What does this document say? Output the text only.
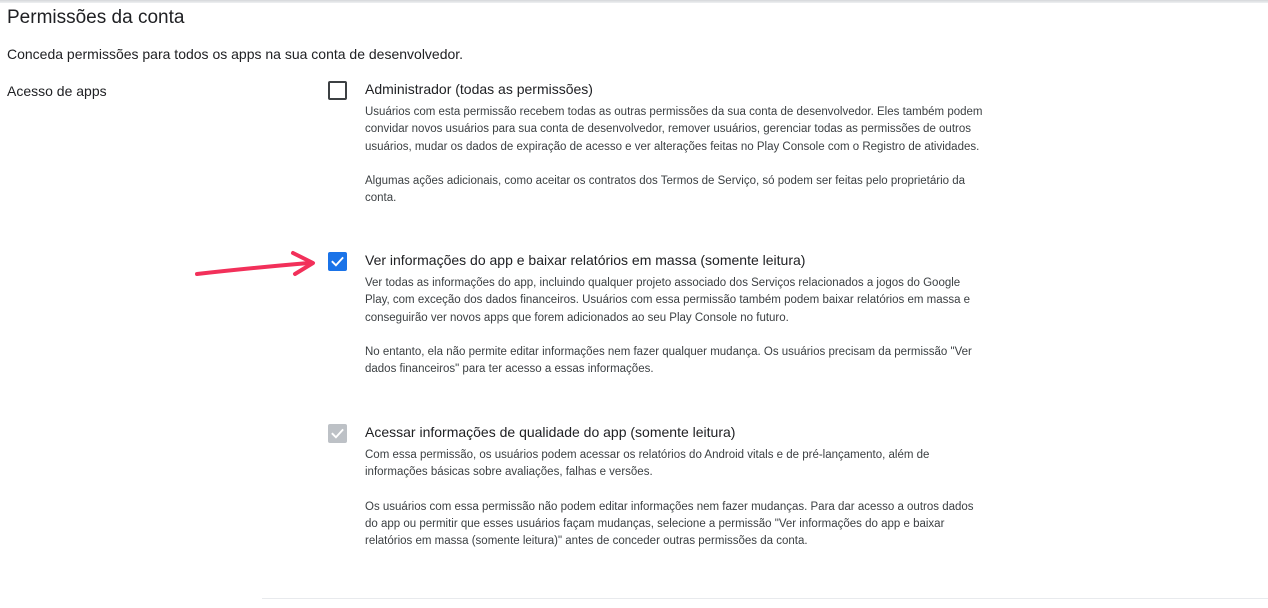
Permissões da conta
Conceda permissões para todos os apps na sua conta de desenvolvedor.
Acesso de apps	Administrador (todas as permissões)

Usuários com esta permissão recebem todas as outras permissões da sua conta de desenvolvedor. Eles também podem convidar novos usuários para sua conta de desenvolvedor, remover usuários, gerenciar todas as permissões de outros usuários, mudar os dados de expiração de acesso e ver alterações feitas no Play Console com o Registro de atividades.

Algumas ações adicionais, como aceitar os contratos dos Termos de Serviço, só podem ser feitas pelo proprietário da conta.

Ver informações do app e baixar relatórios em massa (somente leitura)

Ver todas as informações do app, incluindo qualquer projeto associado dos Serviços relacionados a jogos do Google Play, com exceção dos dados financeiros. Usuários com essa permissão também podem baixar relatórios em massa e conseguirão ver novos apps que forem adicionados ao seu Play Console no futuro.

No entanto, ela não permite editar informações nem fazer qualquer mudança. Os usuários precisam da permissão "Ver dados financeiros" para ter acesso a essas informações.

Acessar informações de qualidade do app (somente leitura)

Com essa permissão, os usuários podem acessar os relatórios do Android vitals e de pré-lançamento, além de informações básicas sobre avaliações, falhas e versões.

Os usuários com essa permissão não podem editar informações nem fazer mudanças. Para dar acesso a outros dados do app ou permitir que esses usuários façam mudanças, selecione a permissão "Ver informações do app e baixar relatórios em massa (somente leitura)" antes de conceder outras permissões da conta.
